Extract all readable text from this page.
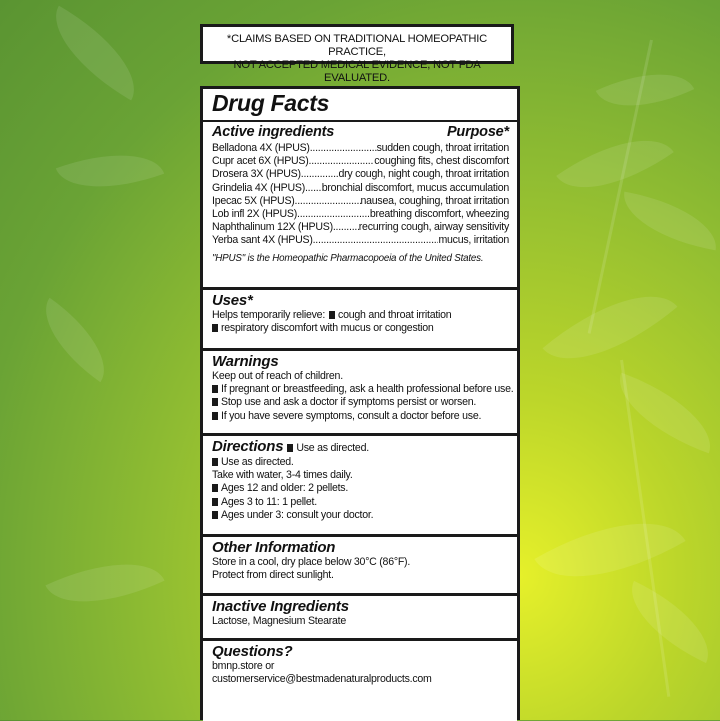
*CLAIMS BASED ON TRADITIONAL HOMEOPATHIC PRACTICE,
NOT ACCEPTED MEDICAL EVIDENCE, NOT FDA EVALUATED.
Drug Facts
Active ingredients	Purpose*
Belladona 4X (HPUS) .....	sudden cough, throat irritation
Cupr acet 6X (HPUS) .....	coughing fits, chest discomfort
Drosera 3X (HPUS) .....	dry cough, night cough, throat irritation
Grindelia 4X (HPUS) ..... bronchial discomfort, mucus accumulation
Ipecac 5X (HPUS) .....	nausea, coughing, throat irritation
Lob infl 2X (HPUS) .....	breathing discomfort, wheezing
Naphthalinum 12X (HPUS) ..... recurring cough, airway sensitivity
Yerba sant 4X (HPUS) .....	mucus, irritation
"HPUS" is the Homeopathic Pharmacopoeia of the United States.
Uses*
Helps temporarily relieve: cough and throat irritation
respiratory discomfort with mucus or congestion
Warnings
Keep out of reach of children.
If pregnant or breastfeeding, ask a health professional before use.
Stop use and ask a doctor if symptoms persist or worsen.
If you have severe symptoms, consult a doctor before use.
Directions Use as directed.
Use as directed.
Take with water, 3-4 times daily.
Ages 12 and older: 2 pellets.
Ages 3 to 11: 1 pellet.
Ages under 3: consult your doctor.
Other Information
Store in a cool, dry place below 30°C (86°F).
Protect from direct sunlight.
Inactive Ingredients
Lactose, Magnesium Stearate
Questions?
bmnp.store or
customerservice@bestmadenaturalproducts.com
